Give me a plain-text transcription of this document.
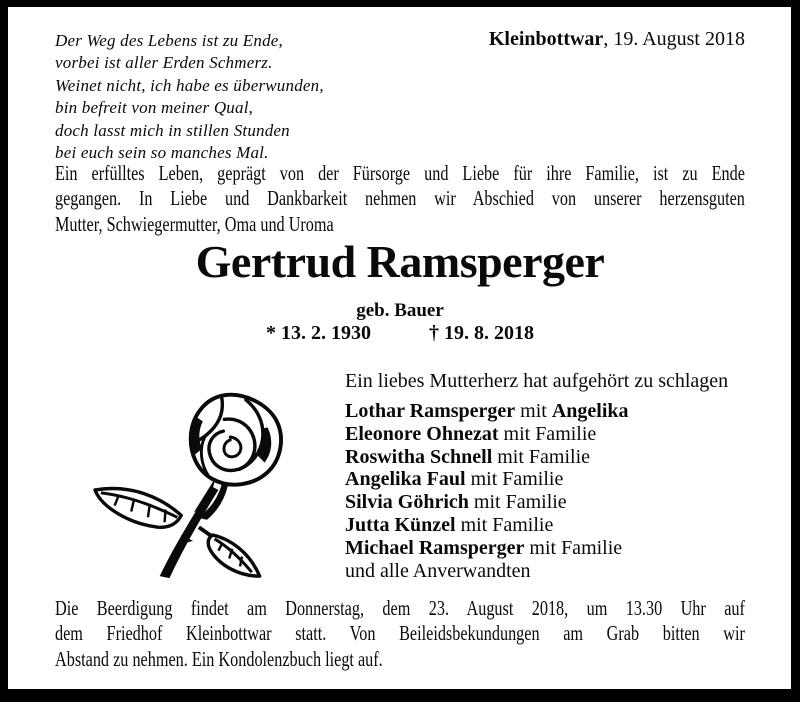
Der Weg des Lebens ist zu Ende,
vorbei ist aller Erden Schmerz.
Weinet nicht, ich habe es überwunden,
bin befreit von meiner Qual,
doch lasst mich in stillen Stunden
bei euch sein so manches Mal.
Kleinbottwar, 19. August 2018
Ein erfülltes Leben, geprägt von der Fürsorge und Liebe für ihre Familie, ist zu Ende
gegangen. In Liebe und Dankbarkeit nehmen wir Abschied von unserer herzensguten
Mutter, Schwiegermutter, Oma und Uroma
Gertrud Ramsperger
geb. Bauer
* 13. 2. 1930	† 19. 8. 2018
Ein liebes Mutterherz hat aufgehört zu schlagen
Lothar Ramsperger mit Angelika
Eleonore Ohnezat mit Familie
Roswitha Schnell mit Familie
Angelika Faul mit Familie
Silvia Göhrich mit Familie
Jutta Künzel mit Familie
Michael Ramsperger mit Familie
und alle Anverwandten
Die Beerdigung findet am Donnerstag, dem 23. August 2018, um 13.30 Uhr auf
dem Friedhof Kleinbottwar statt. Von Beileidsbekundungen am Grab bitten wir
Abstand zu nehmen. Ein Kondolenzbuch liegt auf.
